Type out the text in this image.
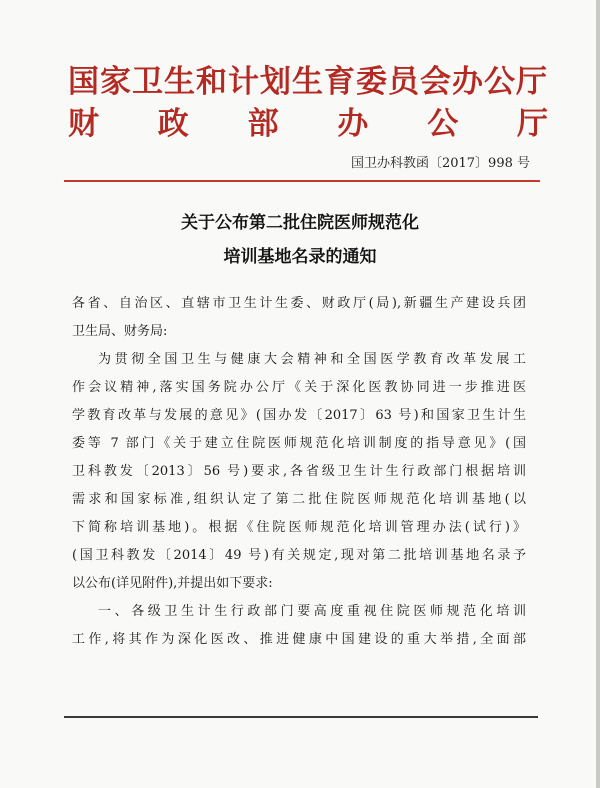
国家卫生和计划生育委员会办公厅
财 政 部 办 公 厅
国卫办科教函〔2017〕998 号
关于公布第二批住院医师规范化
培训基地名录的通知
各省、自治区、直辖市卫生计生委、财政厅(局),新疆生产建设兵团
卫生局、财务局:
为贯彻全国卫生与健康大会精神和全国医学教育改革发展工
作会议精神,落实国务院办公厅《关于深化医教协同进一步推进医
学教育改革与发展的意见》(国办发〔2017〕63 号)和国家卫生计生
委等 7 部门《关于建立住院医师规范化培训制度的指导意见》(国
卫科教发〔2013〕56 号)要求,各省级卫生计生行政部门根据培训
需求和国家标准,组织认定了第二批住院医师规范化培训基地(以
下简称培训基地)。根据《住院医师规范化培训管理办法(试行)》
(国卫科教发〔2014〕49 号)有关规定,现对第二批培训基地名录予
以公布(详见附件),并提出如下要求:
一、各级卫生计生行政部门要高度重视住院医师规范化培训
工作,将其作为深化医改、推进健康中国建设的重大举措,全面部
